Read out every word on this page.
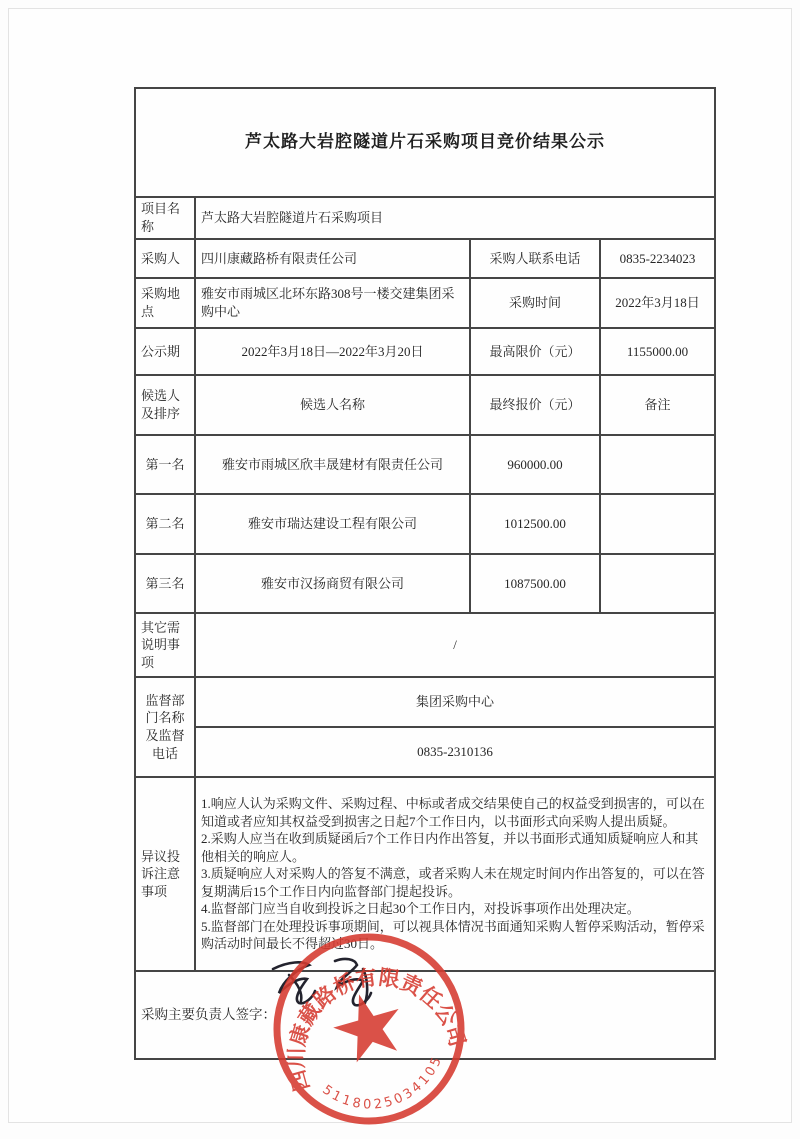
芦太路大岩腔隧道片石采购项目竞价结果公示			
项目名称	芦太路大岩腔隧道片石采购项目		
采购人	四川康藏路桥有限责任公司	采购人联系电话	0835-2234023
采购地点	雅安市雨城区北环东路308号一楼交建集团采购中心	采购时间	2022年3月18日
公示期	2022年3月18日—2022年3月20日	最高限价（元）	1155000.00
候选人及排序	候选人名称	最终报价（元）	备注
第一名	雅安市雨城区欣丰晟建材有限责任公司	960000.00	
第二名	雅安市瑞达建设工程有限公司	1012500.00	
第三名	雅安市汉扬商贸有限公司	1087500.00	
其它需说明事项	/		
监督部门名称及监督电话	集团采购中心		
	0835-2310136		
异议投诉注意事项	1.响应人认为采购文件、采购过程、中标或者成交结果使自己的权益受到损害的，可以在知道或者应知其权益受到损害之日起7个工作日内，以书面形式向采购人提出质疑。
2.采购人应当在收到质疑函后7个工作日内作出答复，并以书面形式通知质疑响应人和其他相关的响应人。
3.质疑响应人对采购人的答复不满意，或者采购人未在规定时间内作出答复的，可以在答复期满后15个工作日内向监督部门提起投诉。
4.监督部门应当自收到投诉之日起30个工作日内，对投诉事项作出处理决定。
5.监督部门在处理投诉事项期间，可以视具体情况书面通知采购人暂停采购活动，暂停采购活动时间最长不得超过30日。		

采购主要负责人签字：			
四川康藏路桥有限责任公司
5118025034105
